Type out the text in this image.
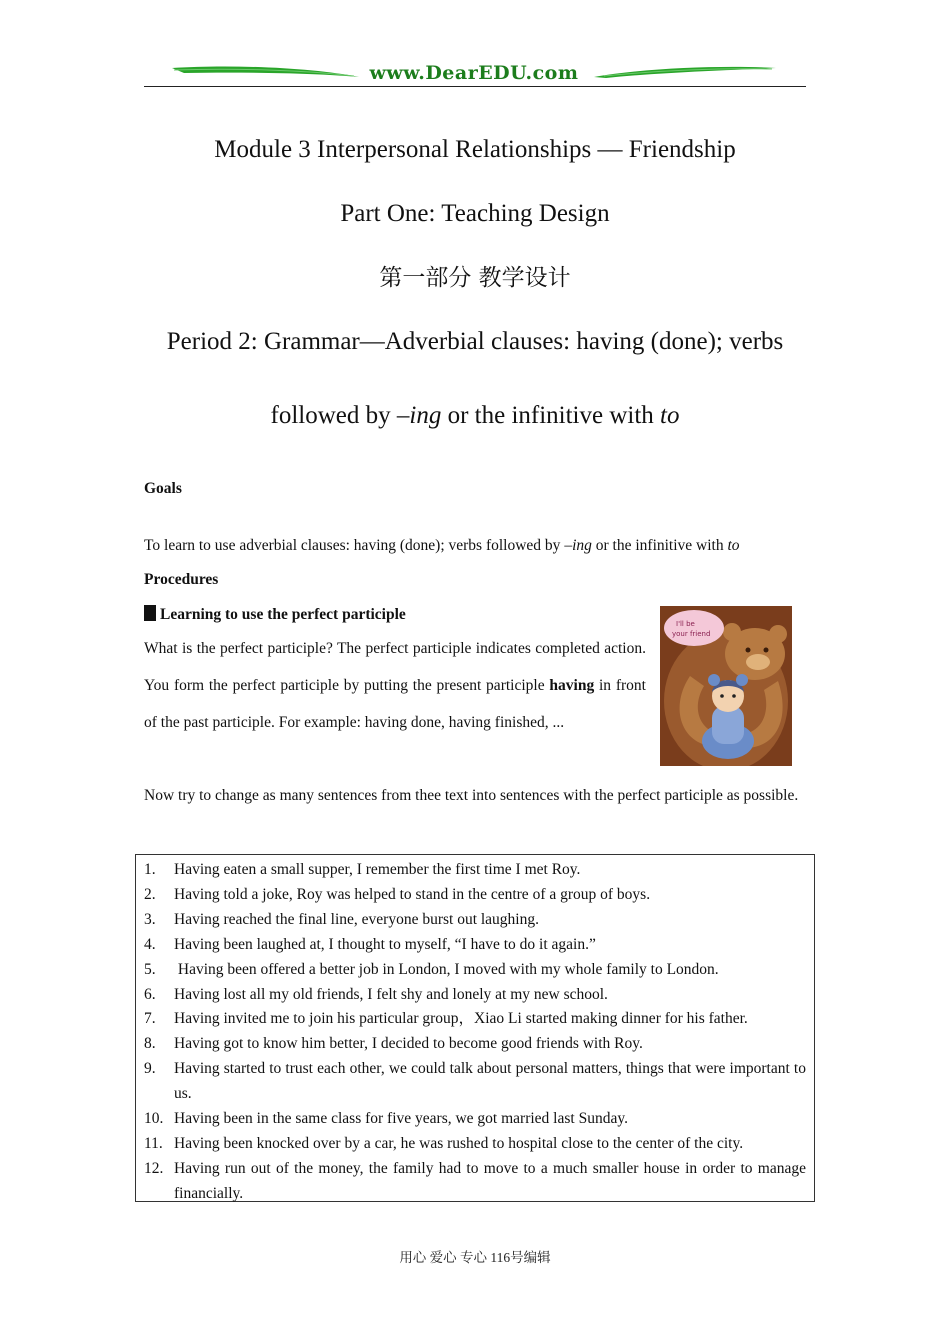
www.DearEDU.com
Module 3 Interpersonal Relationships — Friendship
Part One: Teaching Design
第一部分 教学设计
Period 2: Grammar—Adverbial clauses: having (done); verbs
followed by –ing or the infinitive with to
Goals
To learn to use adverbial clauses: having (done); verbs followed by –ing or the infinitive with to
Procedures
Learning to use the perfect participle
What is the perfect participle? The perfect participle indicates completed action. You form the perfect participle by putting the present participle having in front of the past participle. For example: having done, having finished, ...
I'll be
your friend
Now try to change as many sentences from thee text into sentences with the perfect participle as possible.
1. Having eaten a small supper, I remember the first time I met Roy.
2. Having told a joke, Roy was helped to stand in the centre of a group of boys.
3. Having reached the final line, everyone burst out laughing.
4. Having been laughed at, I thought to myself, “I have to do it again.”
5. Having been offered a better job in London, I moved with my whole family to London.
6. Having lost all my old friends, I felt shy and lonely at my new school.
7. Having invited me to join his particular group，Xiao Li started making dinner for his father.
8. Having got to know him better, I decided to become good friends with Roy.
9. Having started to trust each other, we could talk about personal matters, things that were important to us.
10. Having been in the same class for five years, we got married last Sunday.
11. Having been knocked over by a car, he was rushed to hospital close to the center of the city.
12. Having run out of the money, the family had to move to a much smaller house in order to manage financially.
用心 爱心 专心 116号编辑
